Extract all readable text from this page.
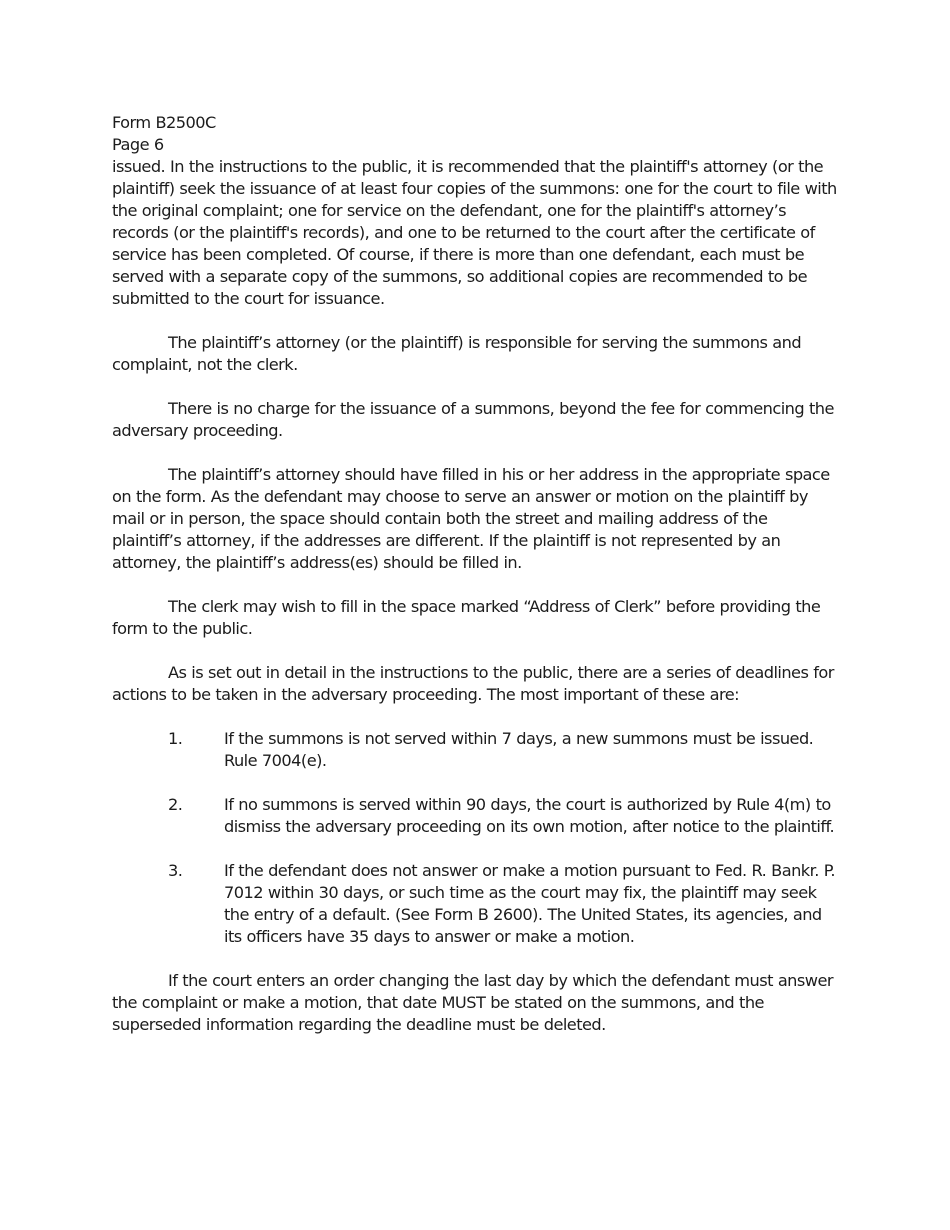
Form B2500C
Page 6

issued. In the instructions to the public, it is recommended that the plaintiff's attorney (or the plaintiff) seek the issuance of at least four copies of the summons: one for the court to file with the original complaint; one for service on the defendant, one for the plaintiff's attorney’s records (or the plaintiff's records), and one to be returned to the court after the certificate of service has been completed. Of course, if there is more than one defendant, each must be served with a separate copy of the summons, so additional copies are recommended to be submitted to the court for issuance.

The plaintiff’s attorney (or the plaintiff) is responsible for serving the summons and complaint, not the clerk.

There is no charge for the issuance of a summons, beyond the fee for commencing the adversary proceeding.

The plaintiff’s attorney should have filled in his or her address in the appropriate space on the form. As the defendant may choose to serve an answer or motion on the plaintiff by mail or in person, the space should contain both the street and mailing address of the plaintiff’s attorney, if the addresses are different. If the plaintiff is not represented by an attorney, the plaintiff’s address(es) should be filled in.

The clerk may wish to fill in the space marked “Address of Clerk” before providing the form to the public.

As is set out in detail in the instructions to the public, there are a series of deadlines for actions to be taken in the adversary proceeding. The most important of these are:

1.	If the summons is not served within 7 days, a new summons must be issued. Rule 7004(e).
2.	If no summons is served within 90 days, the court is authorized by Rule 4(m) to dismiss the adversary proceeding on its own motion, after notice to the plaintiff.
3.	If the defendant does not answer or make a motion pursuant to Fed. R. Bankr. P. 7012 within 30 days, or such time as the court may fix, the plaintiff may seek the entry of a default. (See Form B 2600). The United States, its agencies, and its officers have 35 days to answer or make a motion.

If the court enters an order changing the last day by which the defendant must answer the complaint or make a motion, that date MUST be stated on the summons, and the superseded information regarding the deadline must be deleted.
